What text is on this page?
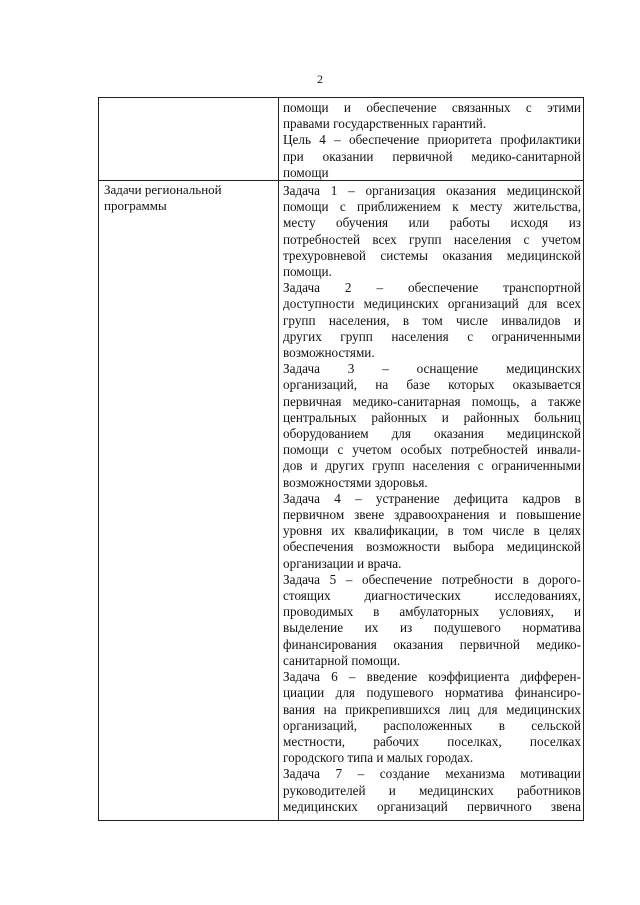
2

помощи и обеспечение связанных с этими
правами государственных гарантий.

Цель 4 – обеспечение приоритета профилактики
при оказании первичной медико-санитарной
помощи

Задачи региональной
программы

Задача 1 – организация оказания медицинской
помощи с приближением к месту жительства,
месту обучения или работы исходя из
потребностей всех групп населения с учетом
трехуровневой системы оказания медицинской
помощи.

Задача 2 – обеспечение транспортной
доступности медицинских организаций для всех
групп населения, в том числе инвалидов и
других групп населения с ограниченными
возможностями.

Задача 3 – оснащение медицинских
организаций, на базе которых оказывается
первичная медико-санитарная помощь, а также
центральных районных и районных больниц
оборудованием для оказания медицинской
помощи с учетом особых потребностей инвали-
дов и других групп населения с ограниченными
возможностями здоровья.

Задача 4 – устранение дефицита кадров в
первичном звене здравоохранения и повышение
уровня их квалификации, в том числе в целях
обеспечения возможности выбора медицинской
организации и врача.

Задача 5 – обеспечение потребности в дорого-
стоящих диагностических исследованиях,
проводимых в амбулаторных условиях, и
выделение их из подушевого норматива
финансирования оказания первичной медико-
санитарной помощи.

Задача 6 – введение коэффициента дифферен-
циации для подушевого норматива финансиро-
вания на прикрепившихся лиц для медицинских
организаций, расположенных в сельской
местности, рабочих поселках, поселках
городского типа и малых городах.

Задача 7 – создание механизма мотивации
руководителей и медицинских работников
медицинских организаций первичного звена
